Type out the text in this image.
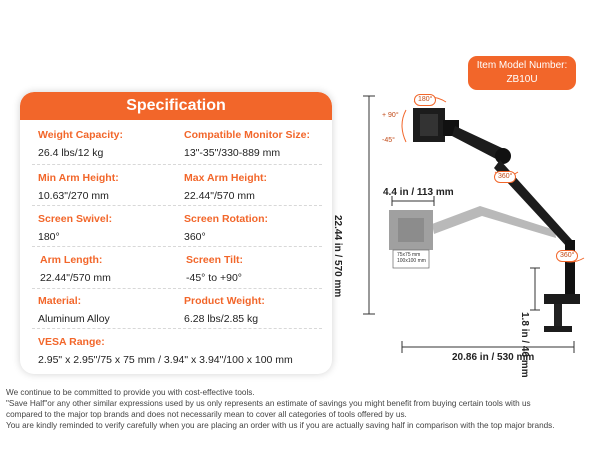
Specification
Weight Capacity:
26.4 lbs/12 kg
Compatible Monitor Size:
13"-35"/330-889 mm
Min Arm Height:
10.63"/270 mm
Max Arm Height:
22.44"/570 mm
Screen Swivel:
180°
Screen Rotation:
360°
Arm Length:
22.44"/570 mm
Screen Tilt:
-45° to +90°
Material:
Aluminum Alloy
Product Weight:
6.28 lbs/2.85 kg
VESA Range:
2.95" x 2.95"/75 x 75 mm / 3.94" x 3.94"/100 x 100 mm
Item Model Number:
ZB10U
22.44 in / 570 mm
4.4 in / 113 mm
20.86 in / 530 mm
1.8 in / 46 mm
180°
360°
360°
+ 90°
-45°
75x75 mm
100x100 mm
We continue to be committed to provide you with cost-effective tools.
"Save Half"or any other similar expressions used by us only represents an estimate of savings you might benefit from buying certain tools with us
compared to the major top brands and does not necessarily mean to cover all categories of tools offered by us.
You are kindly reminded to verify carefully when you are placing an order with us if you are actually saving half in comparison with the top major brands.
